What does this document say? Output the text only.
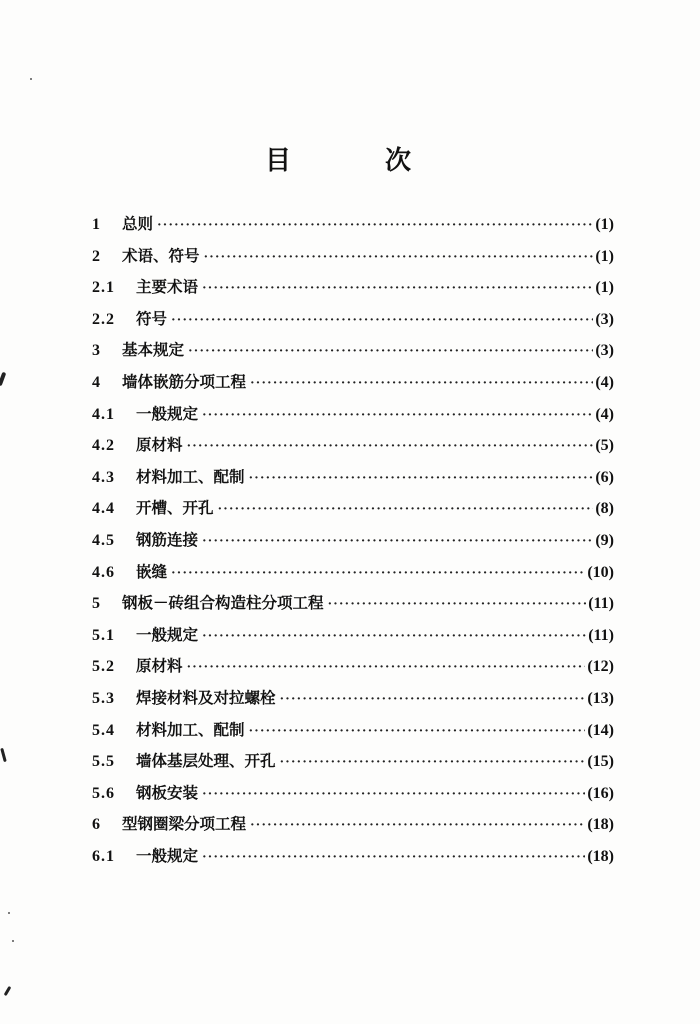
目　次
1	总则 ·····	(1)
2	术语、符号 ·····	(1)
2.1	主要术语 ·····	(1)
2.2	符号 ·····	(3)
3	基本规定 ·····	(3)
4	墙体嵌筋分项工程 ·····	(4)
4.1	一般规定 ·····	(4)
4.2	原材料 ·····	(5)
4.3	材料加工、配制 ·····	(6)
4.4	开槽、开孔 ·····	(8)
4.5	钢筋连接 ·····	(9)
4.6	嵌缝 ·····	(10)
5	钢板－砖组合构造柱分项工程 ·····	(11)
5.1	一般规定 ·····	(11)
5.2	原材料 ·····	(12)
5.3	焊接材料及对拉螺栓 ·····	(13)
5.4	材料加工、配制 ·····	(14)
5.5	墙体基层处理、开孔 ·····	(15)
5.6	钢板安装 ·····	(16)
6	型钢圈梁分项工程 ·····	(18)
6.1	一般规定 ·····	(18)
